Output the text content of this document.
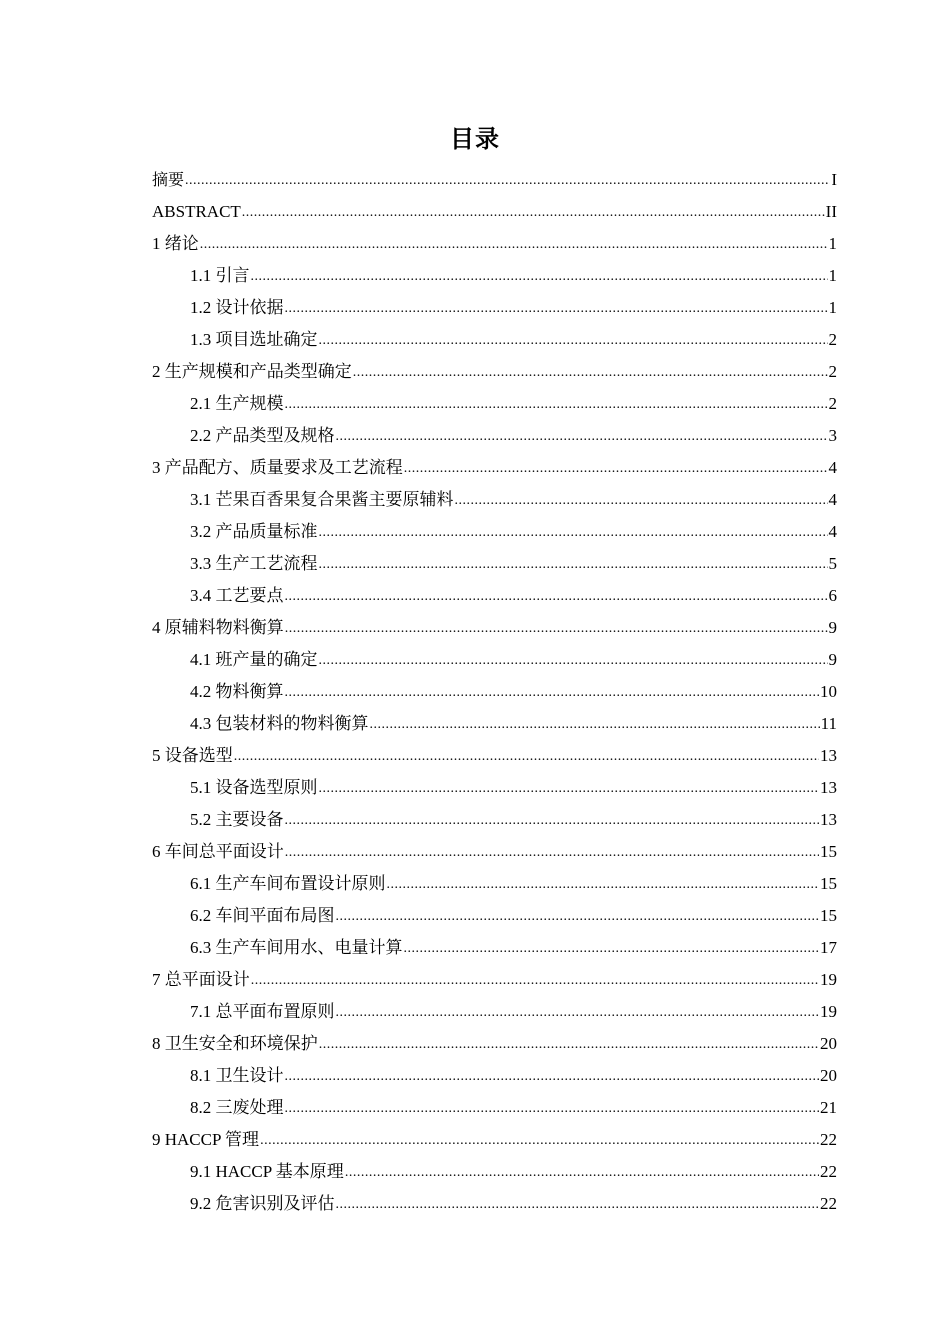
目录
摘要 .....	I
ABSTRACT .....	II
1 绪论 .....	1
1.1 引言 .....	1
1.2 设计依据 .....	1
1.3 项目选址确定 .....	2
2 生产规模和产品类型确定 .....	2
2.1 生产规模 .....	2
2.2 产品类型及规格 .....	3
3 产品配方、质量要求及工艺流程 .....	4
3.1 芒果百香果复合果酱主要原辅料 .....	4
3.2 产品质量标准 .....	4
3.3 生产工艺流程 .....	5
3.4 工艺要点 .....	6
4 原辅料物料衡算 .....	9
4.1 班产量的确定 .....	9
4.2 物料衡算 .....	10
4.3 包装材料的物料衡算 .....	11
5 设备选型 .....	13
5.1 设备选型原则 .....	13
5.2 主要设备 .....	13
6 车间总平面设计 .....	15
6.1 生产车间布置设计原则 .....	15
6.2 车间平面布局图 .....	15
6.3 生产车间用水、电量计算 .....	17
7 总平面设计 .....	19
7.1 总平面布置原则 .....	19
8 卫生安全和环境保护 .....	20
8.1 卫生设计 .....	20
8.2 三废处理 .....	21
9 HACCP 管理 .....	22
9.1 HACCP 基本原理 .....	22
9.2 危害识别及评估 .....	22
